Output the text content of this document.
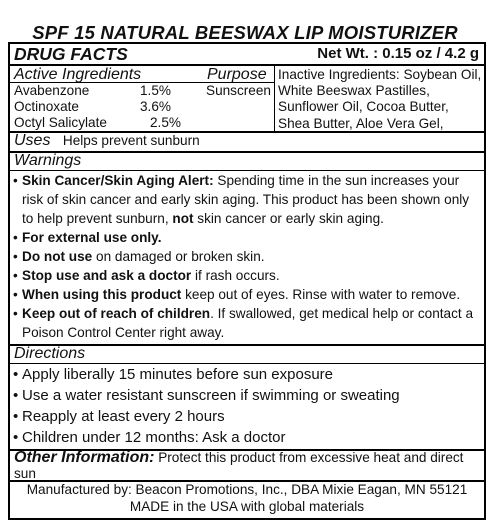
SPF 15 NATURAL BEESWAX LIP MOISTURIZER
DRUG FACTS	Net Wt. : 0.15 oz / 4.2 g
Active Ingredients	Purpose
Avabenzone	1.5%	Sunscreen
Octinoxate	3.6%
Octyl Salicylate	2.5%
Inactive Ingredients: Soybean Oil, White Beeswax Pastilles, Sunflower Oil, Cocoa Butter, Shea Butter, Aloe Vera Gel,
Uses Helps prevent sunburn
Warnings
• Skin Cancer/Skin Aging Alert: Spending time in the sun increases your risk of skin cancer and early skin aging. This product has been shown only to help prevent sunburn, not skin cancer or early skin aging.
• For external use only.
• Do not use on damaged or broken skin.
• Stop use and ask a doctor if rash occurs.
• When using this product keep out of eyes. Rinse with water to remove.
• Keep out of reach of children. If swallowed, get medical help or contact a Poison Control Center right away.
Directions
• Apply liberally 15 minutes before sun exposure
• Use a water resistant sunscreen if swimming or sweating
• Reapply at least every 2 hours
• Children under 12 months: Ask a doctor
Other Information: Protect this product from excessive heat and direct sun
Manufactured by: Beacon Promotions, Inc., DBA Mixie Eagan, MN 55121
MADE in the USA with global materials
